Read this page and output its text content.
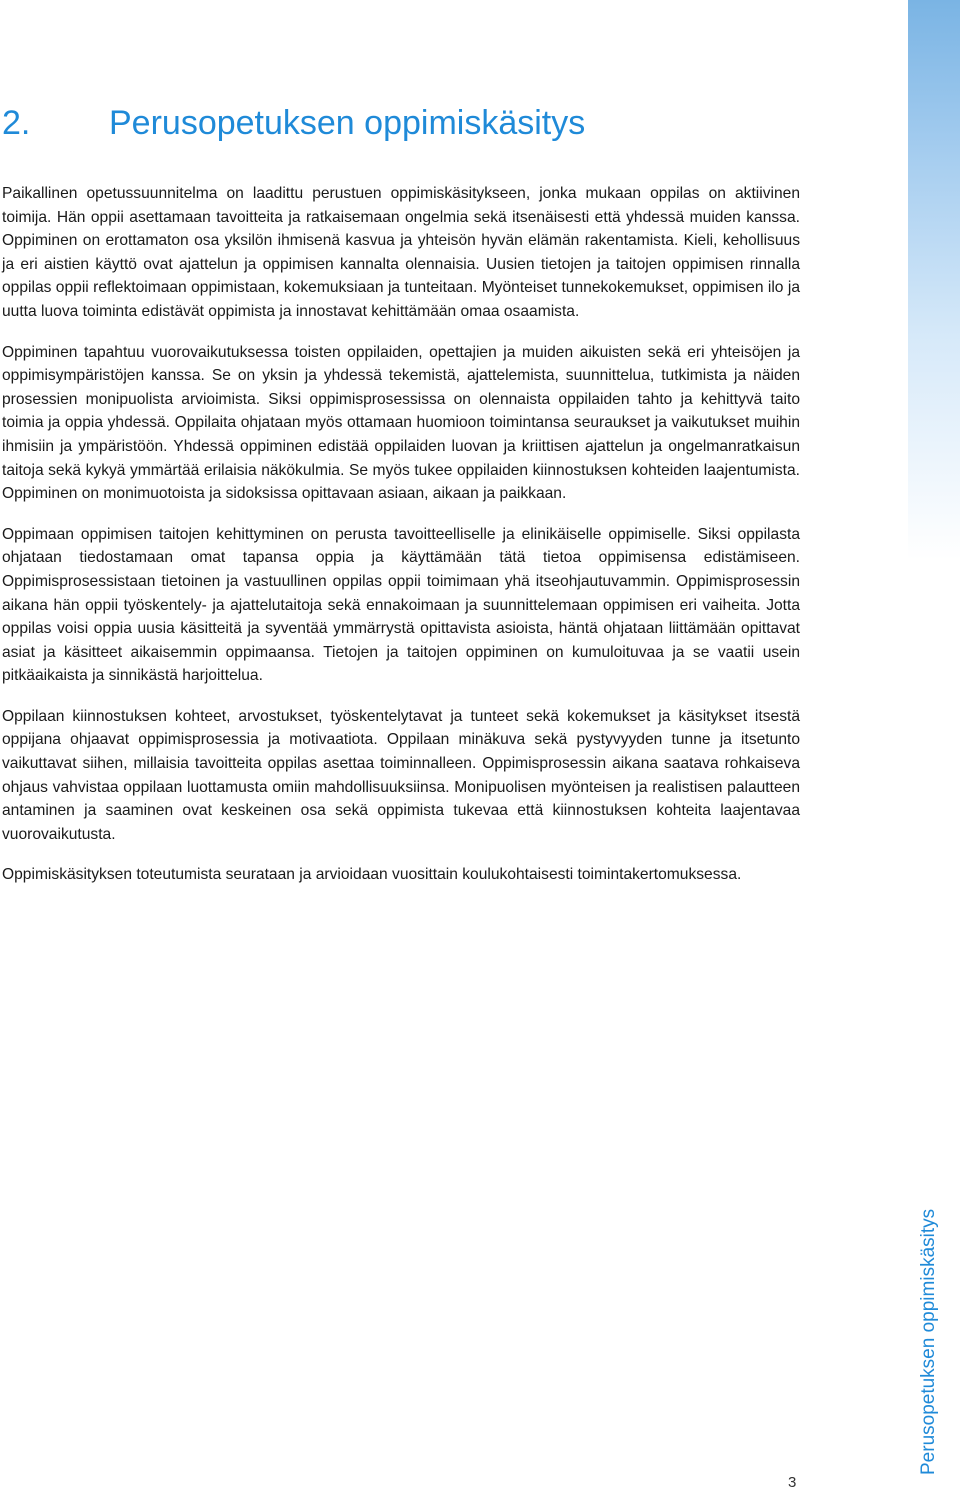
2. Perusopetuksen oppimiskäsitys

Paikallinen opetussuunnitelma on laadittu perustuen oppimiskäsitykseen, jonka mukaan oppilas on aktiivinen toimija. Hän oppii asettamaan tavoitteita ja ratkaisemaan ongelmia sekä itsenäisesti että yhdessä muiden kanssa. Oppiminen on erottamaton osa yksilön ihmisenä kasvua ja yhteisön hyvän elämän rakentamista. Kieli, kehollisuus ja eri aistien käyttö ovat ajattelun ja oppimisen kannalta olennaisia. Uusien tietojen ja taitojen oppimisen rinnalla oppilas oppii reflektoimaan oppimistaan, kokemuksiaan ja tunteitaan. Myönteiset tunnekokemukset, oppimisen ilo ja uutta luova toiminta edistävät oppimista ja innostavat kehittämään omaa osaamista.

Oppiminen tapahtuu vuorovaikutuksessa toisten oppilaiden, opettajien ja muiden aikuisten sekä eri yhteisöjen ja oppimisympäristöjen kanssa. Se on yksin ja yhdessä tekemistä, ajattelemista, suunnittelua, tutkimista ja näiden prosessien monipuolista arvioimista. Siksi oppimisprosessissa on olennaista oppilaiden tahto ja kehittyvä taito toimia ja oppia yhdessä. Oppilaita ohjataan myös ottamaan huomioon toimintansa seuraukset ja vaikutukset muihin ihmisiin ja ympäristöön. Yhdessä oppiminen edistää oppilaiden luovan ja kriittisen ajattelun ja ongelmanratkaisun taitoja sekä kykyä ymmärtää erilaisia näkökulmia. Se myös tukee oppilaiden kiinnostuksen kohteiden laajentumista. Oppiminen on monimuotoista ja sidoksissa opittavaan asiaan, aikaan ja paikkaan.

Oppimaan oppimisen taitojen kehittyminen on perusta tavoitteelliselle ja elinikäiselle oppimiselle. Siksi oppilasta ohjataan tiedostamaan omat tapansa oppia ja käyttämään tätä tietoa oppimisensa edistämiseen. Oppimisprosessistaan tietoinen ja vastuullinen oppilas oppii toimimaan yhä itseohjautuvammin. Oppimisprosessin aikana hän oppii työskentely- ja ajattelutaitoja sekä ennakoimaan ja suunnittelemaan oppimisen eri vaiheita. Jotta oppilas voisi oppia uusia käsitteitä ja syventää ymmärrystä opittavista asioista, häntä ohjataan liittämään opittavat asiat ja käsitteet aikaisemmin oppimaansa. Tietojen ja taitojen oppiminen on kumuloituvaa ja se vaatii usein pitkäaikaista ja sinnikästä harjoittelua.

Oppilaan kiinnostuksen kohteet, arvostukset, työskentelytavat ja tunteet sekä kokemukset ja käsitykset itsestä oppijana ohjaavat oppimisprosessia ja motivaatiota. Oppilaan minäkuva sekä pystyvyyden tunne ja itsetunto vaikuttavat siihen, millaisia tavoitteita oppilas asettaa toiminnalleen. Oppimisprosessin aikana saatava rohkaiseva ohjaus vahvistaa oppilaan luottamusta omiin mahdollisuuksiinsa. Monipuolisen myönteisen ja realistisen palautteen antaminen ja saaminen ovat keskeinen osa sekä oppimista tukevaa että kiinnostuksen kohteita laajentavaa vuorovaikutusta.

Oppimiskäsityksen toteutumista seurataan ja arvioidaan vuosittain koulukohtaisesti toimintakertomuksessa.

3
Perusopetuksen oppimiskäsitys
